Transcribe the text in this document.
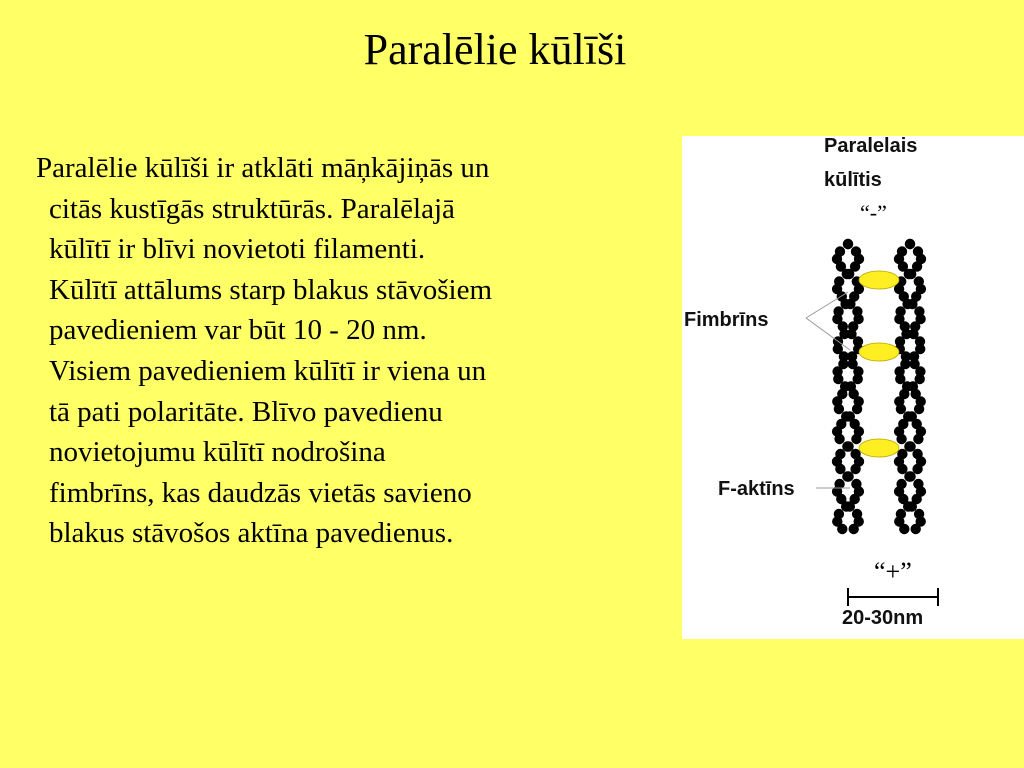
Paralēlie kūlīši
Paralēlie kūlīši ir atklāti māņkājiņās un
citās kustīgās struktūrās. Paralēlajā
kūlītī ir blīvi novietoti filamenti.
Kūlītī attālums starp blakus stāvošiem
pavedieniem var būt 10 - 20 nm.
Visiem pavedieniem kūlītī ir viena un
tā pati polaritāte. Blīvo pavedienu
novietojumu kūlītī nodrošina
fimbrīns, kas daudzās vietās savieno
blakus stāvošos aktīna pavedienus.
Paralelais
kūlītis
“-”
Fimbrīns
F-aktīns
“+”
20-30nm
